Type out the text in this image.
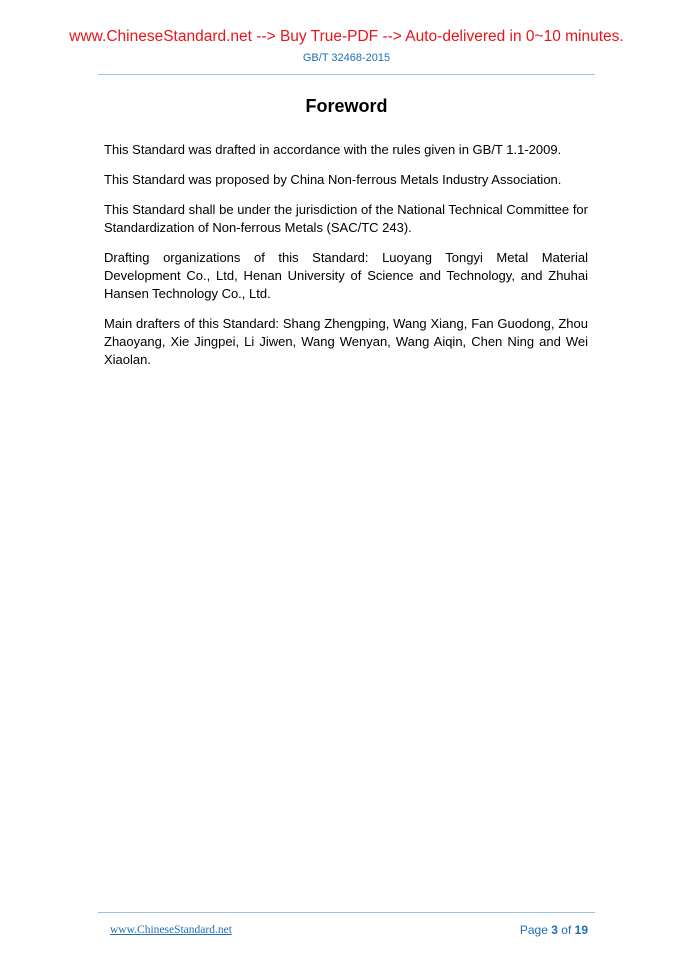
www.ChineseStandard.net --> Buy True-PDF --> Auto-delivered in 0~10 minutes.
GB/T 32468-2015
Foreword

This Standard was drafted in accordance with the rules given in GB/T 1.1-2009.

This Standard was proposed by China Non-ferrous Metals Industry Association.

This Standard shall be under the jurisdiction of the National Technical Committee for Standardization of Non-ferrous Metals (SAC/TC 243).

Drafting organizations of this Standard: Luoyang Tongyi Metal Material Development Co., Ltd, Henan University of Science and Technology, and Zhuhai Hansen Technology Co., Ltd.

Main drafters of this Standard: Shang Zhengping, Wang Xiang, Fan Guodong, Zhou Zhaoyang, Xie Jingpei, Li Jiwen, Wang Wenyan, Wang Aiqin, Chen Ning and Wei Xiaolan.

www.ChineseStandard.net	Page 3 of 19
